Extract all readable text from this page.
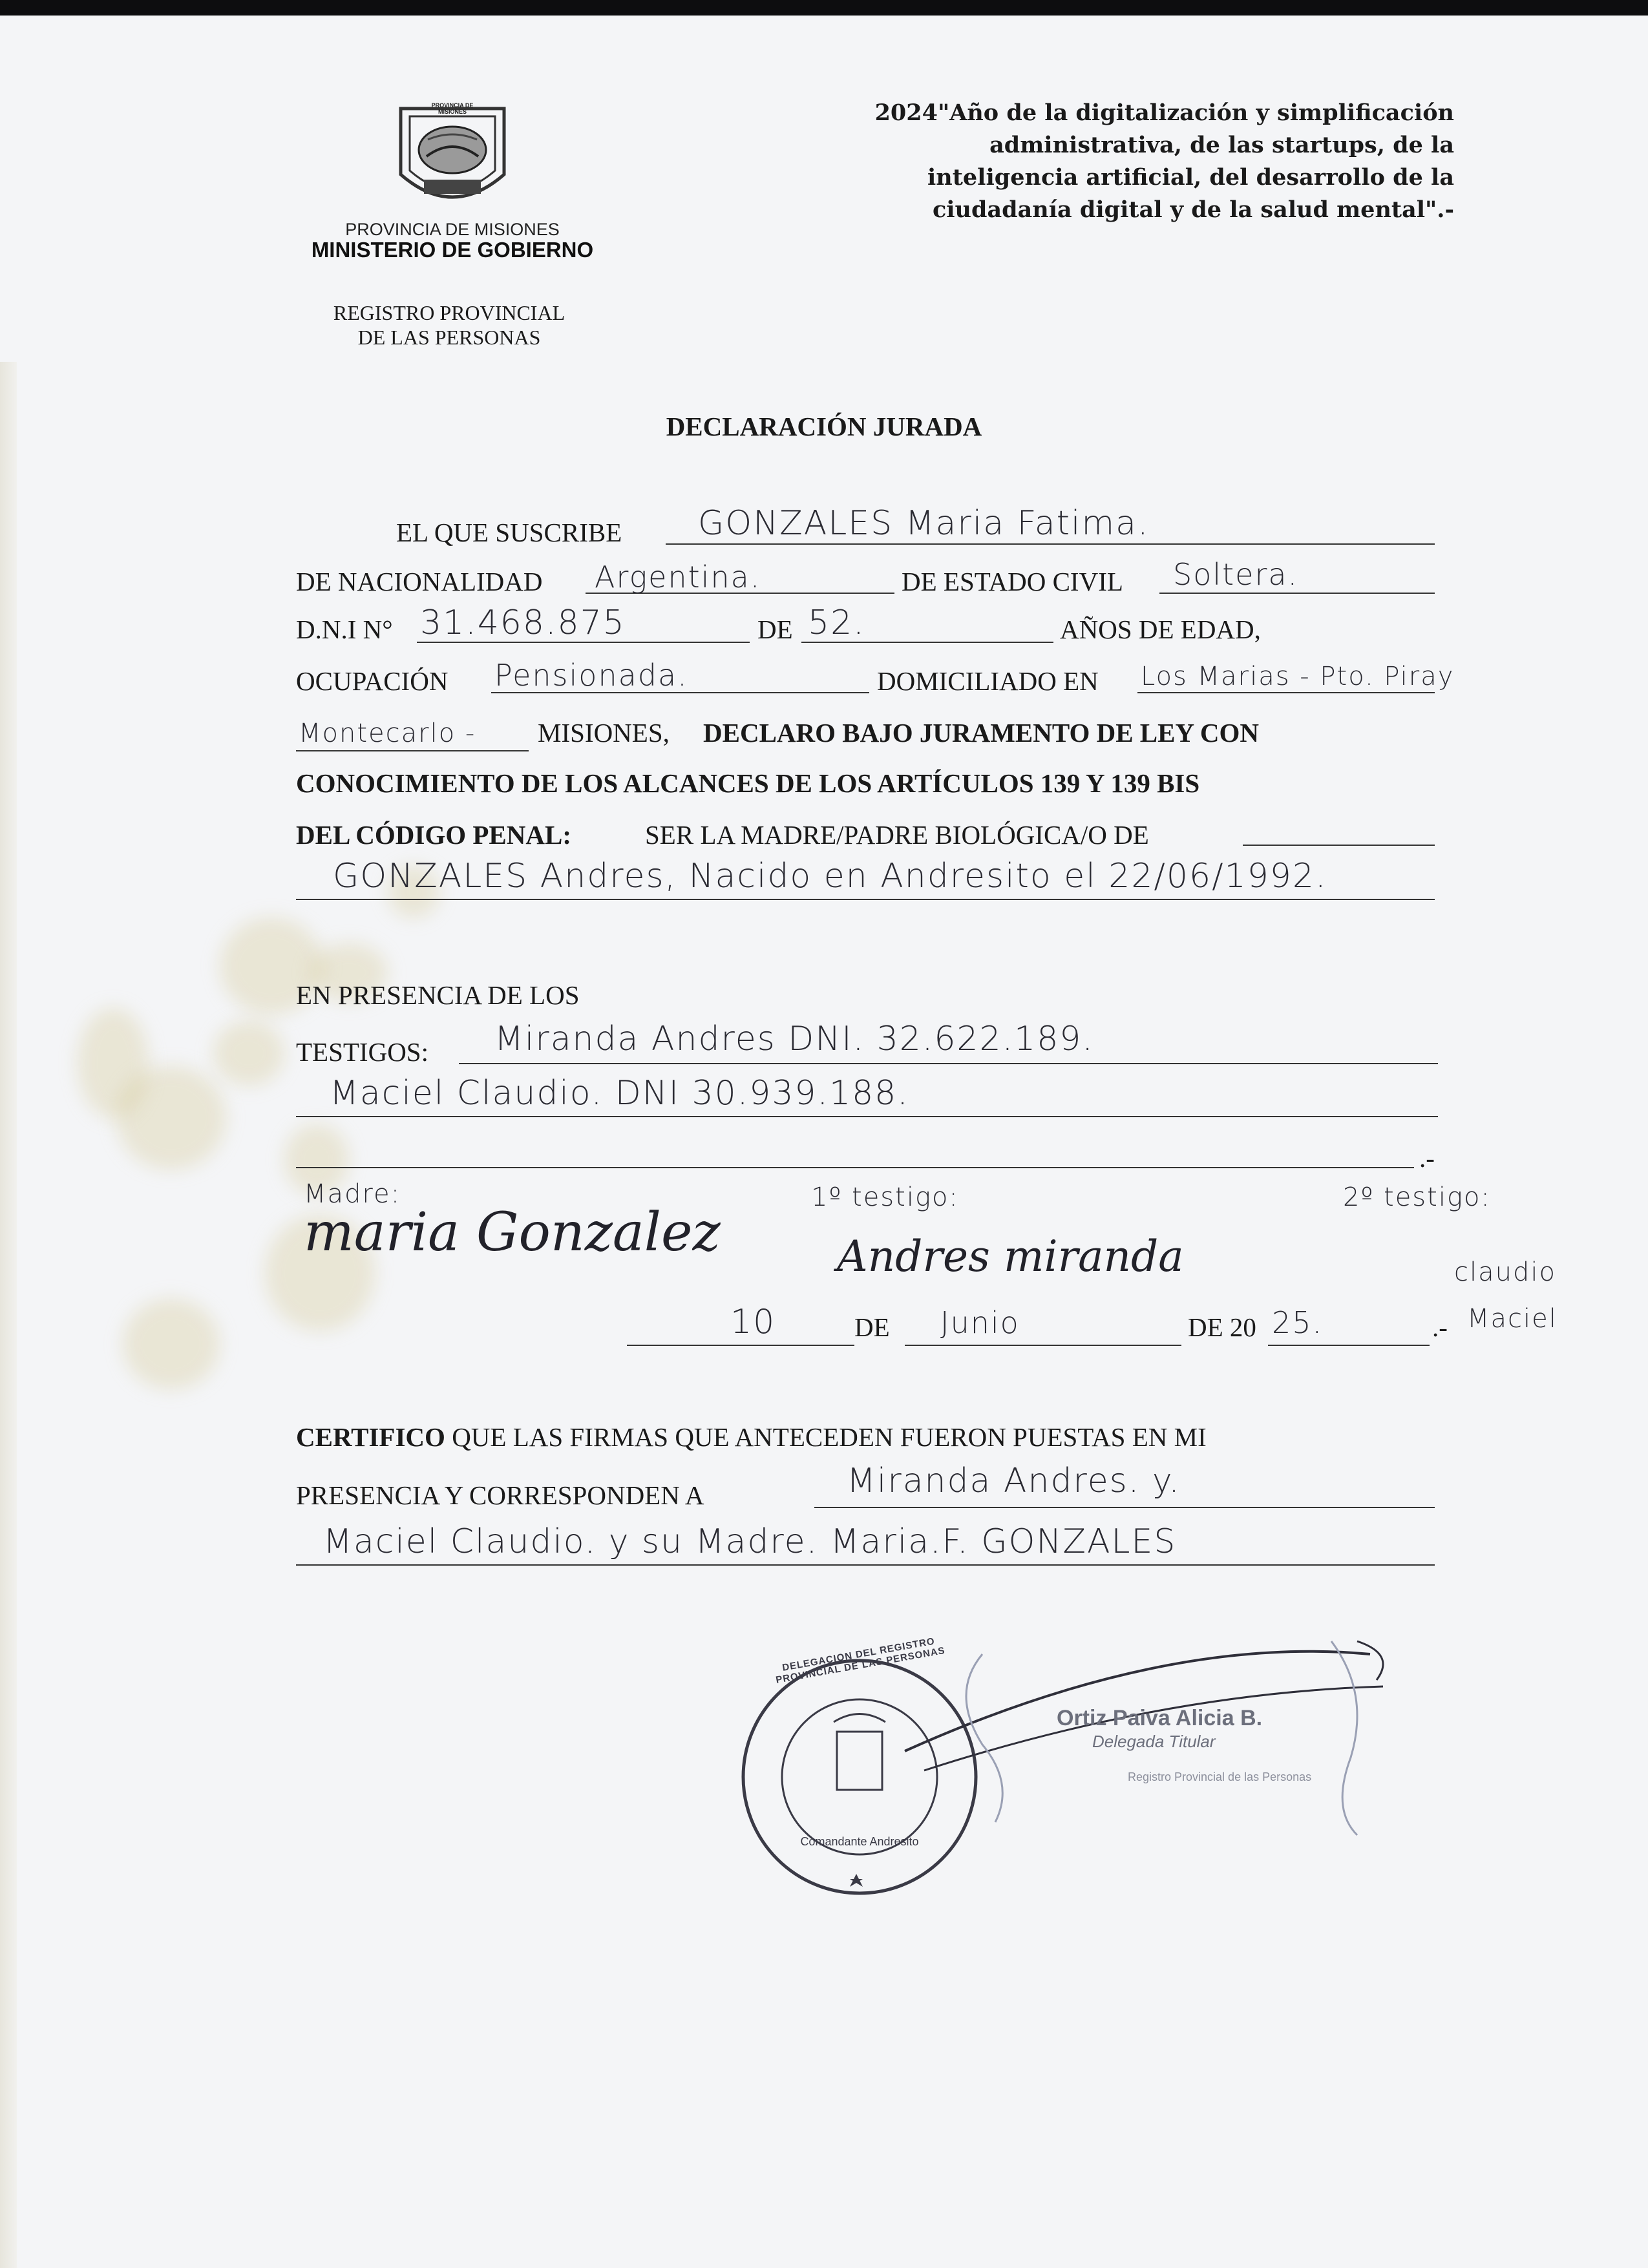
PROVINCIA DE MISIONES
PROVINCIA DE MISIONES
MINISTERIO DE GOBIERNO
REGISTRO PROVINCIAL
DE LAS PERSONAS
2024"Año de la digitalización y simplificación
administrativa, de las startups, de la
inteligencia artificial, del desarrollo de la
ciudadanía digital y de la salud mental".-
DECLARACIÓN JURADA
EL QUE SUSCRIBE GONZALES Maria Fatima.
DE NACIONALIDAD Argentina.	DE ESTADO CIVIL Soltera.
D.N.I N° 31.468.875	DE 52.	AÑOS DE EDAD,
OCUPACIÓN Pensionada.	DOMICILIADO EN Los Marias - Pto. Piray
Montecarlo - MISIONES, DECLARO BAJO JURAMENTO DE LEY CON
CONOCIMIENTO DE LOS ALCANCES DE LOS ARTÍCULOS 139 Y 139 BIS
DEL CÓDIGO PENAL:	SER LA MADRE/PADRE BIOLÓGICA/O DE
GONZALES Andres, Nacido en Andresito el 22/06/1992.
EN PRESENCIA DE LOS
TESTIGOS: Miranda Andres DNI. 32.622.189.
Maciel Claudio. DNI 30.939.188.
.-
Madre:	1º testigo:	2º testigo:
maria Gonzalez	Andres miranda	claudio
Maciel
10	DE Junio	DE 20 25.	.-
CERTIFICO QUE LAS FIRMAS QUE ANTECEDEN FUERON PUESTAS EN MI
PRESENCIA Y CORRESPONDEN A	Miranda Andres. y.
Maciel Claudio. y su Madre. Maria.F. GONZALES
DELEGACION DEL REGISTRO PROVINCIAL DE LAS PERSONAS
Comandante Andresito
Ortiz Paiva Alicia B.
Delegada Titular
Registro Provincial de las Personas
